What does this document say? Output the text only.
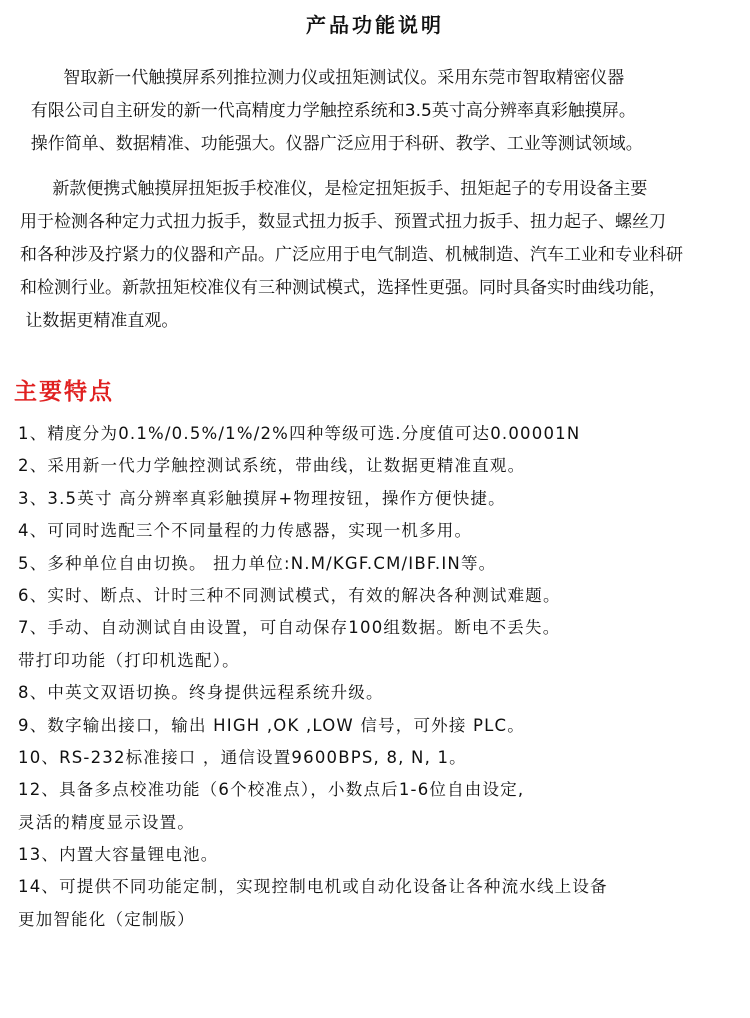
产品功能说明
智取新一代触摸屏系列推拉测力仪或扭矩测试仪。采用东莞市智取精密仪器
有限公司自主研发的新一代高精度力学触控系统和3.5英寸高分辨率真彩触摸屏。
操作简单、数据精准、功能强大。仪器广泛应用于科研、教学、工业等测试领域。
新款便携式触摸屏扭矩扳手校准仪，是检定扭矩扳手、扭矩起子的专用设备主要
用于检测各种定力式扭力扳手，数显式扭力扳手、预置式扭力扳手、扭力起子、螺丝刀
和各种涉及拧紧力的仪器和产品。广泛应用于电气制造、机械制造、汽车工业和专业科研
和检测行业。新款扭矩校准仪有三种测试模式，选择性更强。同时具备实时曲线功能，
让数据更精准直观。
主要特点
1、精度分为0.1%/0.5%/1%/2%四种等级可选.分度值可达0.00001N
2、采用新一代力学触控测试系统，带曲线，让数据更精准直观。
3、3.5英寸 高分辨率真彩触摸屏+物理按钮，操作方便快捷。
4、可同时选配三个不同量程的力传感器，实现一机多用。
5、多种单位自由切换。 扭力单位:N.M/KGF.CM/IBF.IN等。
6、实时、断点、计时三种不同测试模式，有效的解决各种测试难题。
7、手动、自动测试自由设置，可自动保存100组数据。断电不丢失。
带打印功能（打印机选配）。
8、中英文双语切换。终身提供远程系统升级。
9、数字输出接口，输出 HIGH ,OK ,LOW 信号，可外接 PLC。
10、RS-232标准接口 ，通信设置9600BPS, 8, N, 1。
12、具备多点校准功能（6个校准点），小数点后1-6位自由设定,
灵活的精度显示设置。
13、内置大容量锂电池。
14、可提供不同功能定制，实现控制电机或自动化设备让各种流水线上设备
更加智能化（定制版）
